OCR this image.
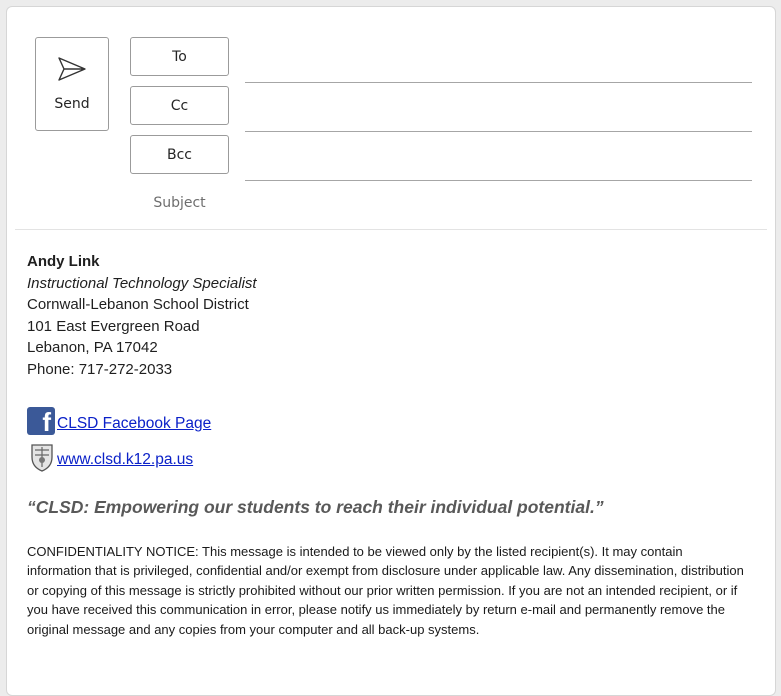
Send
To
Cc
Bcc
Subject
Andy Link
Instructional Technology Specialist
Cornwall-Lebanon School District
101 East Evergreen Road
Lebanon, PA 17042
Phone: 717-272-2033
f CLSD Facebook Page
www.clsd.k12.pa.us
“CLSD: Empowering our students to reach their individual potential.”
CONFIDENTIALITY NOTICE: This message is intended to be viewed only by the listed recipient(s). It may contain information that is privileged, confidential and/or exempt from disclosure under applicable law. Any dissemination, distribution or copying of this message is strictly prohibited without our prior written permission. If you are not an intended recipient, or if you have received this communication in error, please notify us immediately by return e-mail and permanently remove the original message and any copies from your computer and all back-up systems.
